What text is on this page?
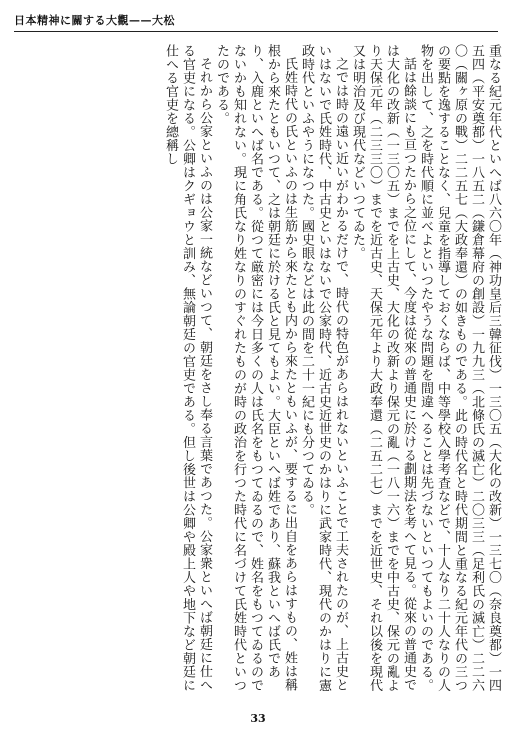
日本精神に關する大觀——大松

重なる紀元年代といへば八六〇年（神功皇后三韓征伐）一三〇五（大化の改新）一三七〇（奈良奠都）一四五四（平安奠都）一八五二（鎌倉幕府の創設）一九九三（北條氏の滅亡）二〇三三（足利氏の滅亡）二二六〇（關ヶ原の戰）二二五七（大政奉還）の如きものである。此の時代名と時代期間と重なる紀元年代の三つの要點を逸することなく、兒童を指導しておくならば、中等學校入學考査などで、十人なり二十人なりの人物を出して、之を時代順に並べよといつたやうな問題を間違へることは先づないといつてもよいのである。

話は餘談にも亘つたから之位にして、今度は從來の普通史に於ける劃期法を考へて見る。從來の普通史では大化の改新（一三〇五）までを上古史、大化の改新より保元の亂（一八一六）までを中古史、保元の亂より天保元年（二三三〇）までを近古史、天保元年より大政奉還（二五二七）までを近世史、それ以後を現代又は明治及び現代などいつてゐた。

之では時の遠い近いがわかるだけで、時代の特色があらはれないといふことで工夫されたのが、上古史といはないで氏姓時代、中古史といはないで公家時代、近古史近世史のかはりに武家時代、現代のかはりに憲政時代といふやうになつた。國史眼などは此の間を二十一紀にも分つてゐる。

氏姓時代の氏といふのは生筋から來たとも内から來たともいふが、要するに出自をあらはすもの、姓は稱根から來たともいつて、之は朝廷に於ける氏と見てもよい。大臣といへば姓であり、蘇我といへば氏であり、入鹿といへば名である。從つて厳密には今日多くの人は氏名をもつてゐるので、姓名をもつてゐるのでないかも知れない。現に角氏なり姓なりのすぐれたものが時の政治を行つた時代に名づけて氏姓時代といつたのである。

それから公家といふのは公家一統などいつて、朝廷をさし奉る言葉であつた。公家衆といへば朝廷に仕へる官吏になる。公卿はクギョウと訓み、無論朝廷の官吏である。但し後世は公卿や殿上人や地下など朝廷に仕へる官吏を總稱し

33
